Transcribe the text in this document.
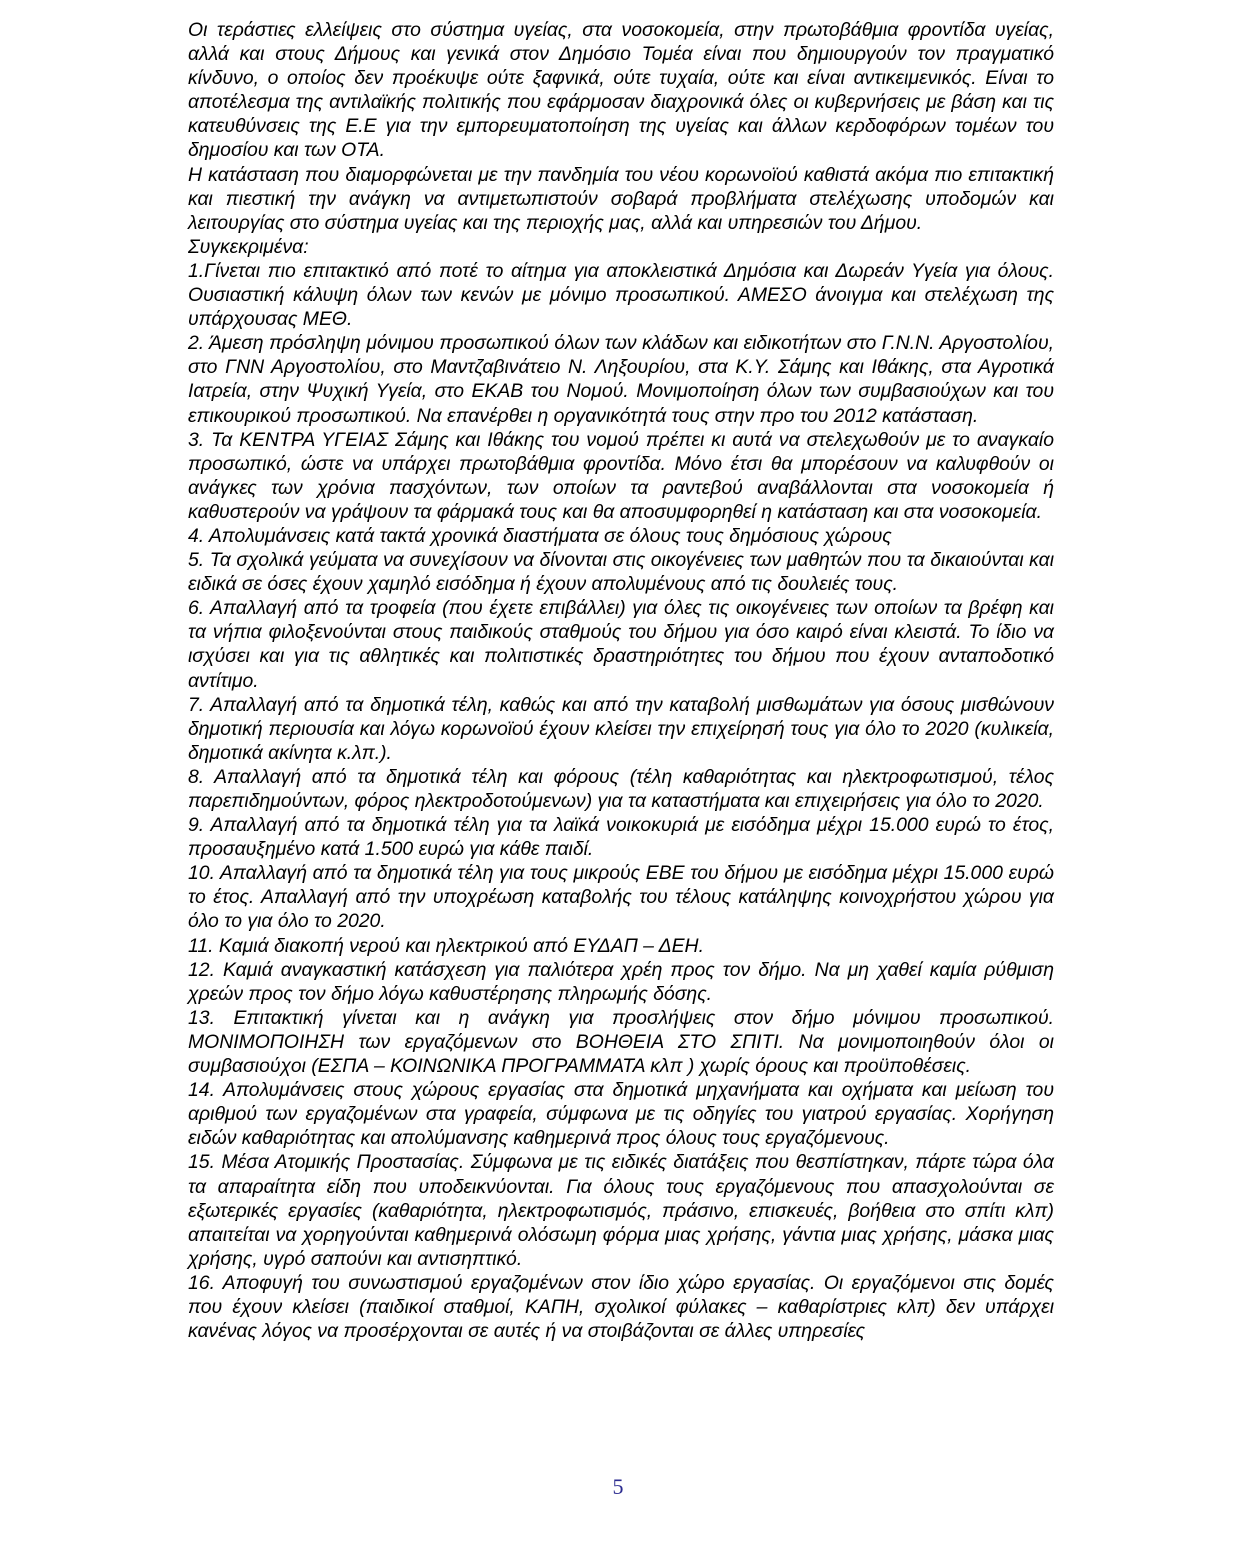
Οι τεράστιες ελλείψεις στο σύστημα υγείας, στα νοσοκομεία, στην πρωτοβάθμια φροντίδα υγείας, αλλά και στους Δήμους και γενικά στον Δημόσιο Τομέα είναι που δημιουργούν τον πραγματικό κίνδυνο, ο οποίος δεν προέκυψε ούτε ξαφνικά, ούτε τυχαία, ούτε και είναι αντικειμενικός. Είναι το αποτέλεσμα της αντιλαϊκής πολιτικής που εφάρμοσαν διαχρονικά όλες οι κυβερνήσεις με βάση και τις κατευθύνσεις της Ε.Ε για την εμπορευματοποίηση της υγείας και άλλων κερδοφόρων τομέων του δημοσίου και των ΟΤΑ.

Η κατάσταση που διαμορφώνεται με την πανδημία του νέου κορωνοϊού καθιστά ακόμα πιο επιτακτική και πιεστική την ανάγκη να αντιμετωπιστούν σοβαρά προβλήματα στελέχωσης υποδομών και λειτουργίας στο σύστημα υγείας και της περιοχής μας, αλλά και υπηρεσιών του Δήμου.

Συγκεκριμένα:

1.Γίνεται πιο επιτακτικό από ποτέ το αίτημα για αποκλειστικά Δημόσια και Δωρεάν Υγεία για όλους. Ουσιαστική κάλυψη όλων των κενών με μόνιμο προσωπικού. ΑΜΕΣΟ άνοιγμα και στελέχωση της υπάρχουσας ΜΕΘ.

2. Άμεση πρόσληψη μόνιμου προσωπικού όλων των κλάδων και ειδικοτήτων στο Γ.Ν.Ν. Αργοστολίου, στο ΓΝΝ Αργοστολίου, στο Μαντζαβινάτειο Ν. Ληξουρίου, στα Κ.Υ. Σάμης και Ιθάκης, στα Αγροτικά Ιατρεία, στην Ψυχική Υγεία, στο ΕΚΑΒ του Νομού. Μονιμοποίηση όλων των συμβασιούχων και του επικουρικού προσωπικού. Να επανέρθει η οργανικότητά τους στην προ του 2012 κατάσταση.

3. Τα ΚΕΝΤΡΑ ΥΓΕΙΑΣ Σάμης και Ιθάκης του νομού πρέπει κι αυτά να στελεχωθούν με το αναγκαίο προσωπικό, ώστε να υπάρχει πρωτοβάθμια φροντίδα. Μόνο έτσι θα μπορέσουν να καλυφθούν οι ανάγκες των χρόνια πασχόντων, των οποίων τα ραντεβού αναβάλλονται στα νοσοκομεία ή καθυστερούν να γράψουν τα φάρμακά τους και θα αποσυμφορηθεί η κατάσταση και στα νοσοκομεία.

4. Απολυμάνσεις κατά τακτά χρονικά διαστήματα σε όλους τους δημόσιους χώρους

5. Τα σχολικά γεύματα να συνεχίσουν να δίνονται στις οικογένειες των μαθητών που τα δικαιούνται και ειδικά σε όσες έχουν χαμηλό εισόδημα ή έχουν απολυμένους από τις δουλειές τους.

6. Απαλλαγή από τα τροφεία (που έχετε επιβάλλει) για όλες τις οικογένειες των οποίων τα βρέφη και τα νήπια φιλοξενούνται στους παιδικούς σταθμούς του δήμου για όσο καιρό είναι κλειστά. Το ίδιο να ισχύσει και για τις αθλητικές και πολιτιστικές δραστηριότητες του δήμου που έχουν ανταποδοτικό αντίτιμο.

7. Απαλλαγή από τα δημοτικά τέλη, καθώς και από την καταβολή μισθωμάτων για όσους μισθώνουν δημοτική περιουσία και λόγω κορωνοϊού έχουν κλείσει την επιχείρησή τους για όλο το 2020 (κυλικεία, δημοτικά ακίνητα κ.λπ.).

8. Απαλλαγή από τα δημοτικά τέλη και φόρους (τέλη καθαριότητας και ηλεκτροφωτισμού, τέλος παρεπιδημούντων, φόρος ηλεκτροδοτούμενων) για τα καταστήματα και επιχειρήσεις για όλο το 2020.

9. Απαλλαγή από τα δημοτικά τέλη για τα λαϊκά νοικοκυριά με εισόδημα μέχρι 15.000 ευρώ το έτος, προσαυξημένο κατά 1.500 ευρώ για κάθε παιδί.

10. Απαλλαγή από τα δημοτικά τέλη για τους μικρούς ΕΒΕ του δήμου με εισόδημα μέχρι 15.000 ευρώ το έτος. Απαλλαγή από την υποχρέωση καταβολής του τέλους κατάληψης κοινοχρήστου χώρου για όλο το για όλο το 2020.

11. Καμιά διακοπή νερού και ηλεκτρικού από ΕΥΔΑΠ – ΔΕΗ.

12. Καμιά αναγκαστική κατάσχεση για παλιότερα χρέη προς τον δήμο. Να μη χαθεί καμία ρύθμιση χρεών προς τον δήμο λόγω καθυστέρησης πληρωμής δόσης.

13. Επιτακτική γίνεται και η ανάγκη για προσλήψεις στον δήμο μόνιμου προσωπικού. ΜΟΝΙΜΟΠΟΙΗΣΗ των εργαζόμενων στο ΒΟΗΘΕΙΑ ΣΤΟ ΣΠΙΤΙ. Να μονιμοποιηθούν όλοι οι συμβασιούχοι (ΕΣΠΑ – ΚΟΙΝΩΝΙΚΑ ΠΡΟΓΡΑΜΜΑΤΑ κλπ ) χωρίς όρους και προϋποθέσεις.

14. Απολυμάνσεις στους χώρους εργασίας στα δημοτικά μηχανήματα και οχήματα και μείωση του αριθμού των εργαζομένων στα γραφεία, σύμφωνα με τις οδηγίες του γιατρού εργασίας. Χορήγηση ειδών καθαριότητας και απολύμανσης καθημερινά προς όλους τους εργαζόμενους.

15. Μέσα Ατομικής Προστασίας. Σύμφωνα με τις ειδικές διατάξεις που θεσπίστηκαν, πάρτε τώρα όλα τα απαραίτητα είδη που υποδεικνύονται. Για όλους τους εργαζόμενους που απασχολούνται σε εξωτερικές εργασίες (καθαριότητα, ηλεκτροφωτισμός, πράσινο, επισκευές, βοήθεια στο σπίτι κλπ) απαιτείται να χορηγούνται καθημερινά ολόσωμη φόρμα μιας χρήσης, γάντια μιας χρήσης, μάσκα μιας χρήσης, υγρό σαπούνι και αντισηπτικό.

16. Αποφυγή του συνωστισμού εργαζομένων στον ίδιο χώρο εργασίας. Οι εργαζόμενοι στις δομές που έχουν κλείσει (παιδικοί σταθμοί, ΚΑΠΗ, σχολικοί φύλακες – καθαρίστριες κλπ) δεν υπάρχει κανένας λόγος να προσέρχονται σε αυτές ή να στοιβάζονται σε άλλες υπηρεσίες

5
